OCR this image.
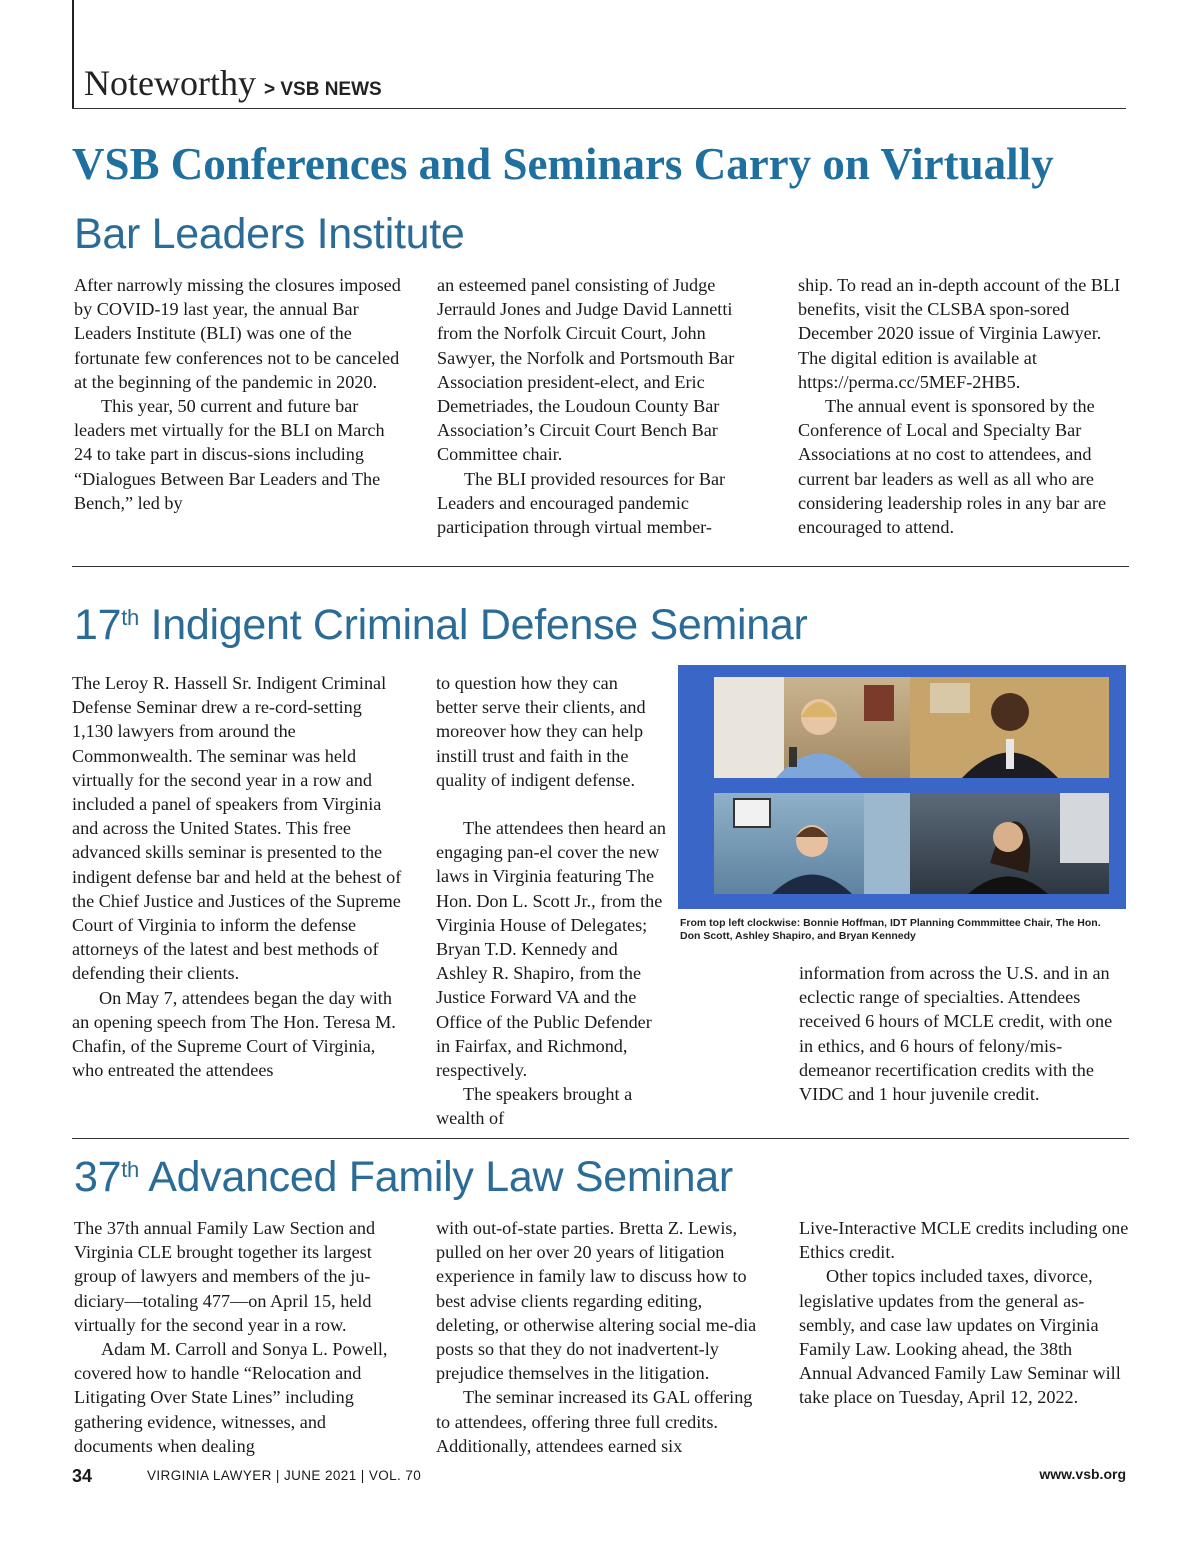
Noteworthy > VSB NEWS
VSB Conferences and Seminars Carry on Virtually
Bar Leaders Institute

After narrowly missing the closures imposed by COVID-19 last year, the annual Bar Leaders Institute (BLI) was one of the fortunate few conferences not to be canceled at the beginning of the pandemic in 2020.

This year, 50 current and future bar leaders met virtually for the BLI on March 24 to take part in discus-sions including “Dialogues Between Bar Leaders and The Bench,” led by

an esteemed panel consisting of Judge Jerrauld Jones and Judge David Lannetti from the Norfolk Circuit Court, John Sawyer, the Norfolk and Portsmouth Bar Association president-elect, and Eric Demetriades, the Loudoun County Bar Association’s Circuit Court Bench Bar Committee chair.

The BLI provided resources for Bar Leaders and encouraged pandemic participation through virtual member-

ship. To read an in-depth account of the BLI benefits, visit the CLSBA spon-sored December 2020 issue of Virginia Lawyer. The digital edition is available at https://perma.cc/5MEF-2HB5.

The annual event is sponsored by the Conference of Local and Specialty Bar Associations at no cost to attendees, and current bar leaders as well as all who are considering leadership roles in any bar are encouraged to attend.

17th Indigent Criminal Defense Seminar

The Leroy R. Hassell Sr. Indigent Criminal Defense Seminar drew a re-cord-setting 1,130 lawyers from around the Commonwealth. The seminar was held virtually for the second year in a row and included a panel of speakers from Virginia and across the United States. This free advanced skills seminar is presented to the indigent defense bar and held at the behest of the Chief Justice and Justices of the Supreme Court of Virginia to inform the defense attorneys of the latest and best methods of defending their clients.

On May 7, attendees began the day with an opening speech from The Hon. Teresa M. Chafin, of the Supreme Court of Virginia, who entreated the attendees

to question how they can better serve their clients, and moreover how they can help instill trust and faith in the quality of indigent defense.

The attendees then heard an engaging pan-el cover the new laws in Virginia featuring The Hon. Don L. Scott Jr., from the Virginia House of Delegates; Bryan T.D. Kennedy and Ashley R. Shapiro, from the Justice Forward VA and the Office of the Public Defender in Fairfax, and Richmond, respectively.

The speakers brought a wealth of

From top left clockwise: Bonnie Hoffman, IDT Planning Commmittee Chair, The Hon. Don Scott, Ashley Shapiro, and Bryan Kennedy

information from across the U.S. and in an eclectic range of specialties. Attendees received 6 hours of MCLE credit, with one in ethics, and 6 hours of felony/mis-demeanor recertification credits with the VIDC and 1 hour juvenile credit.

37th Advanced Family Law Seminar

The 37th annual Family Law Section and Virginia CLE brought together its largest group of lawyers and members of the ju-diciary—totaling 477—on April 15, held virtually for the second year in a row.

Adam M. Carroll and Sonya L. Powell, covered how to handle “Relocation and Litigating Over State Lines” including gathering evidence, witnesses, and documents when dealing

with out-of-state parties. Bretta Z. Lewis, pulled on her over 20 years of litigation experience in family law to discuss how to best advise clients regarding editing, deleting, or otherwise altering social me-dia posts so that they do not inadvertent-ly prejudice themselves in the litigation.

The seminar increased its GAL offering to attendees, offering three full credits. Additionally, attendees earned six

Live-Interactive MCLE credits including one Ethics credit.

Other topics included taxes, divorce, legislative updates from the general as-sembly, and case law updates on Virginia Family Law. Looking ahead, the 38th Annual Advanced Family Law Seminar will take place on Tuesday, April 12, 2022.

34	VIRGINIA LAWYER | JUNE 2021 | VOL. 70	www.vsb.org
